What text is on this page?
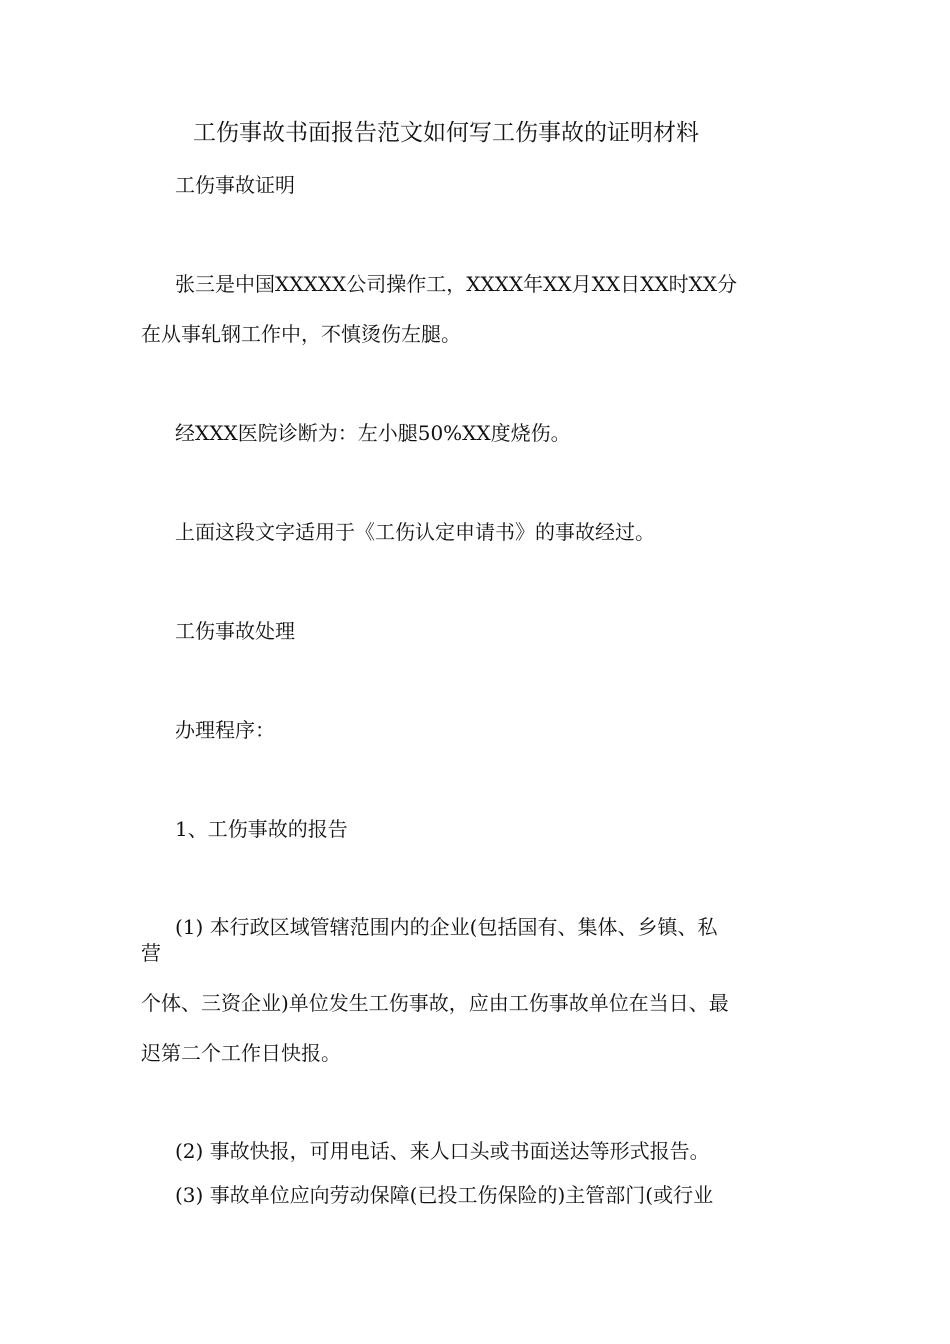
工伤事故书面报告范文如何写工伤事故的证明材料
工伤事故证明
张三是中国XXXXX公司操作工，XXXX年XX月XX日XX时XX分
在从事轧钢工作中，不慎烫伤左腿。
经XXX医院诊断为：左小腿50%XX度烧伤。
上面这段文字适用于《工伤认定申请书》的事故经过。
工伤事故处理
办理程序：
1、工伤事故的报告
(1) 本行政区域管辖范围内的企业(包括国有、集体、乡镇、私
营
个体、三资企业)单位发生工伤事故，应由工伤事故单位在当日、最
迟第二个工作日快报。
(2) 事故快报，可用电话、来人口头或书面送达等形式报告。
(3) 事故单位应向劳动保障(已投工伤保险的)主管部门(或行业
